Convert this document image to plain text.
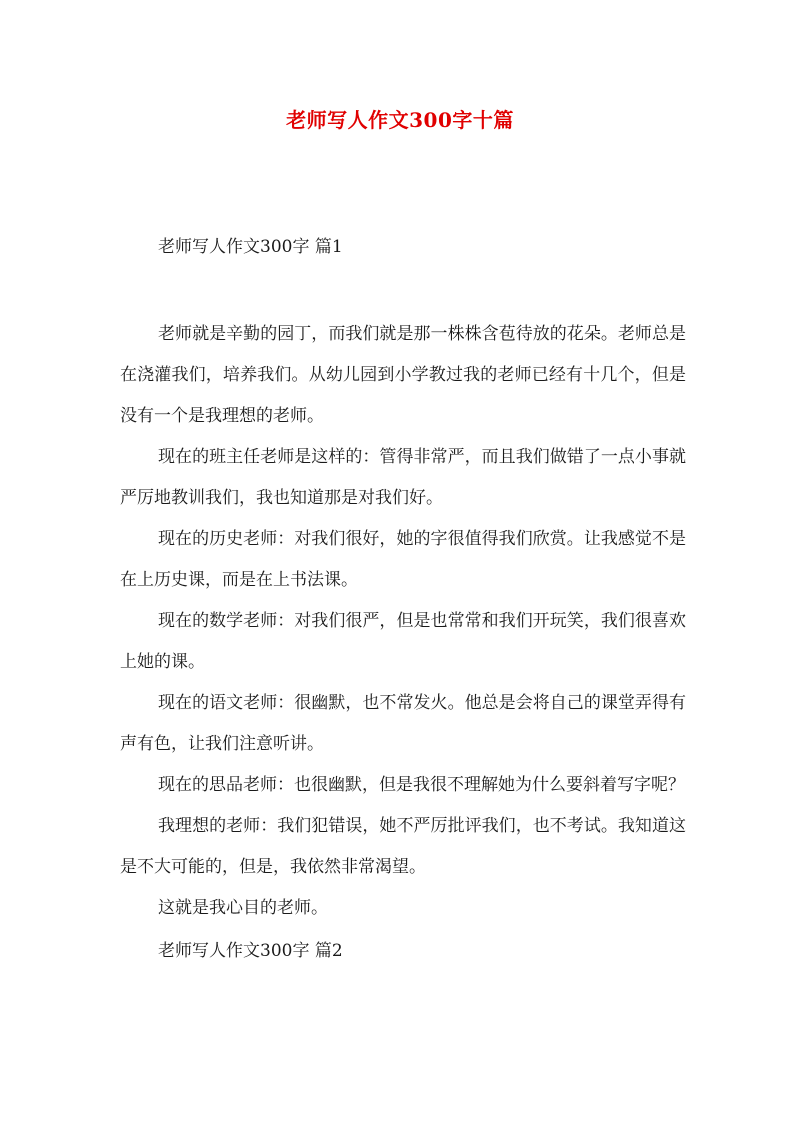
老师写人作文300字十篇

老师写人作文300字 篇1

老师就是辛勤的园丁，而我们就是那一株株含苞待放的花朵。老师总是在浇灌我们，培养我们。从幼儿园到小学教过我的老师已经有十几个，但是没有一个是我理想的老师。

现在的班主任老师是这样的：管得非常严，而且我们做错了一点小事就严厉地教训我们，我也知道那是对我们好。

现在的历史老师：对我们很好，她的字很值得我们欣赏。让我感觉不是在上历史课，而是在上书法课。

现在的数学老师：对我们很严，但是也常常和我们开玩笑，我们很喜欢上她的课。

现在的语文老师：很幽默，也不常发火。他总是会将自己的课堂弄得有声有色，让我们注意听讲。

现在的思品老师：也很幽默，但是我很不理解她为什么要斜着写字呢？

我理想的老师：我们犯错误，她不严厉批评我们，也不考试。我知道这是不大可能的，但是，我依然非常渴望。

这就是我心目的老师。

老师写人作文300字 篇2
